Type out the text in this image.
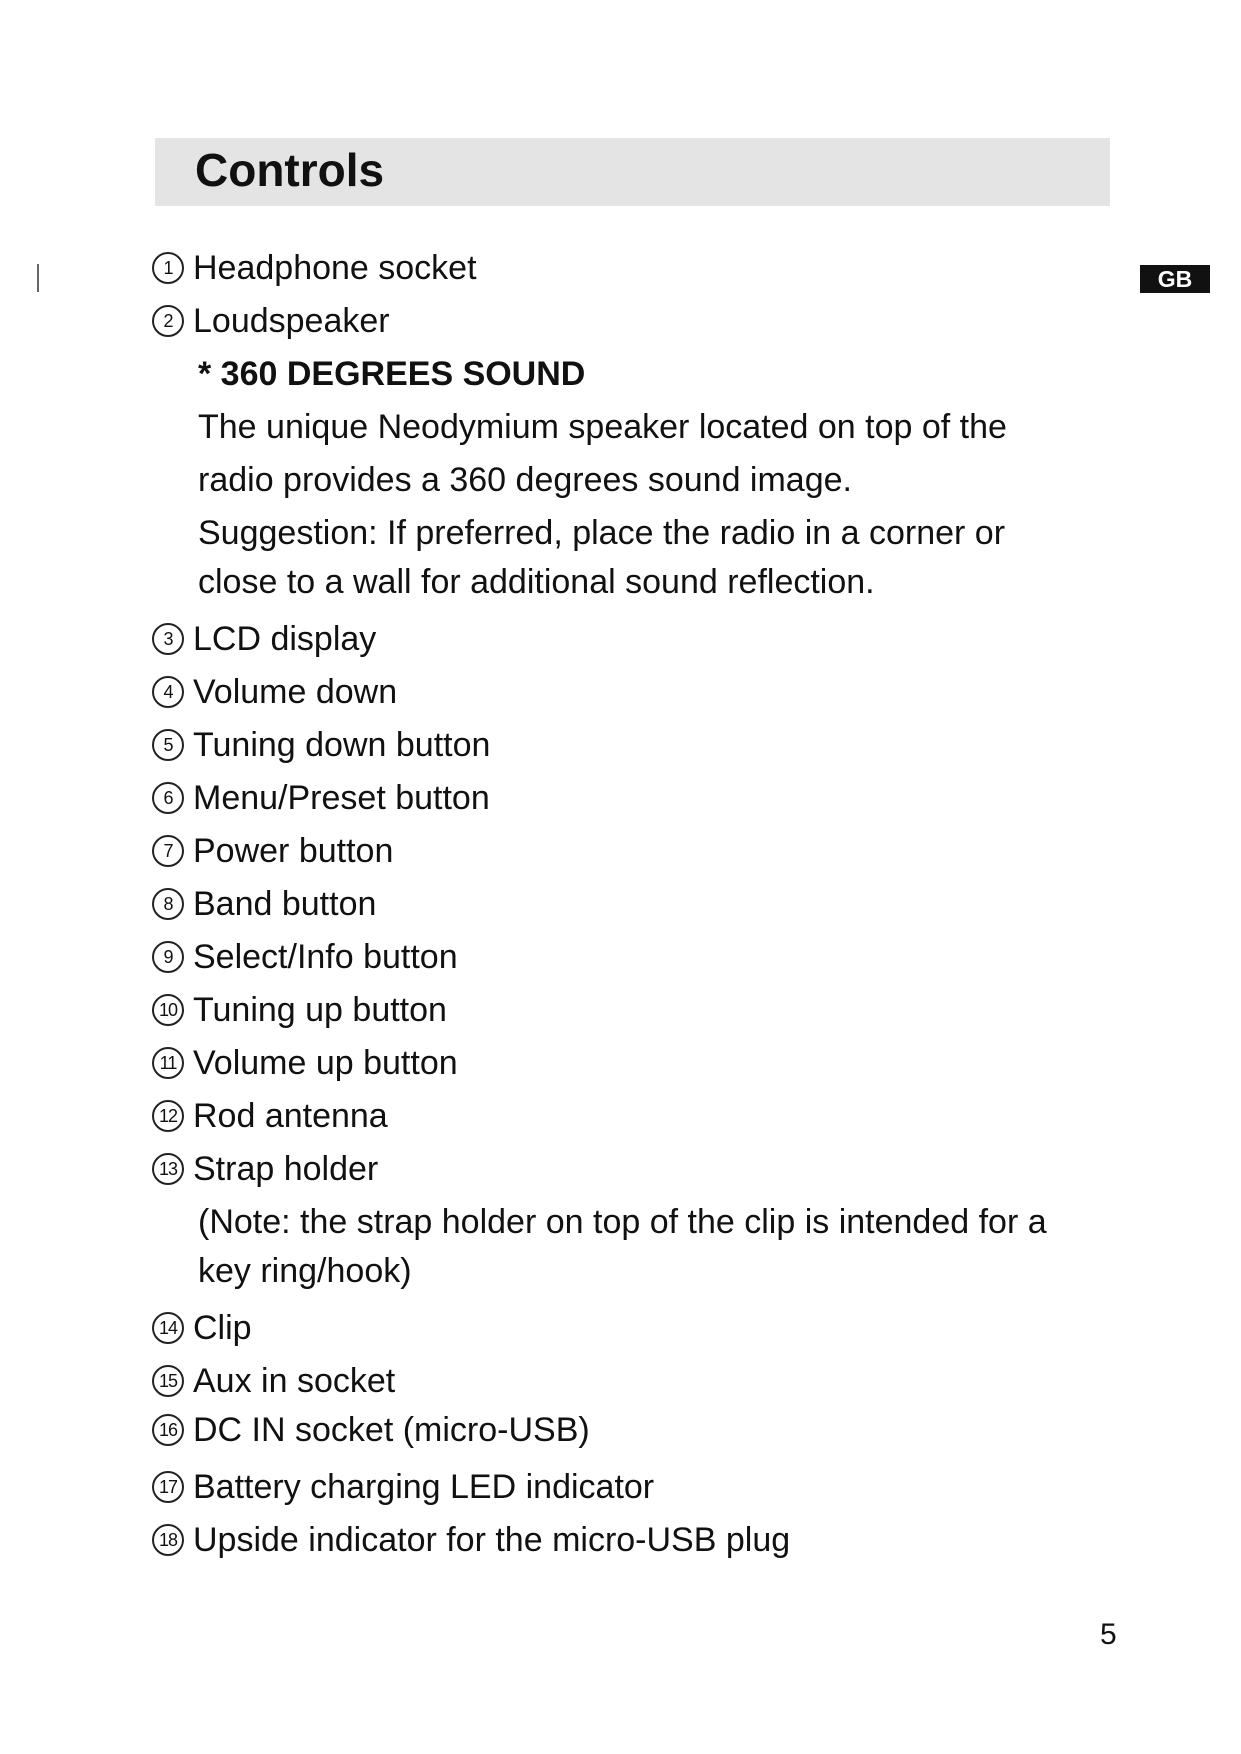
Controls
GB
1 Headphone socket
2 Loudspeaker
* 360 DEGREES SOUND
The unique Neodymium speaker located on top of the
radio provides a 360 degrees sound image.
Suggestion: If preferred, place the radio in a corner or
close to a wall for additional sound reflection.
3 LCD display
4 Volume down
5 Tuning down button
6 Menu/Preset button
7 Power button
8 Band button
9 Select/Info button
10 Tuning up button
11 Volume up button
12 Rod antenna
13 Strap holder
(Note: the strap holder on top of the clip is intended for a
key ring/hook)
14 Clip
15 Aux in socket
16 DC IN socket (micro-USB)
17 Battery charging LED indicator
18 Upside indicator for the micro-USB plug
5
